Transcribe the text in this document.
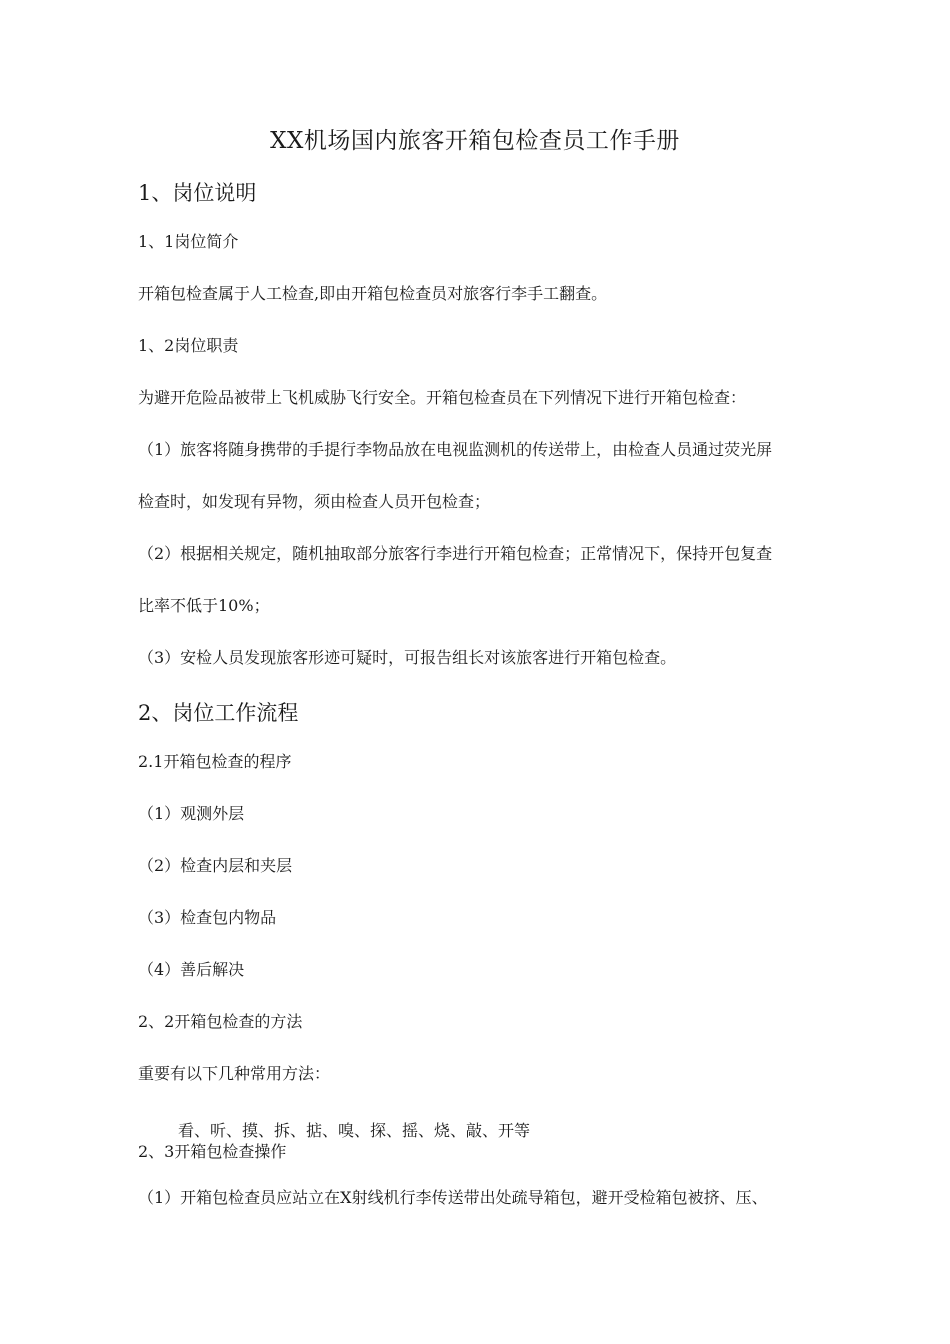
XX机场国内旅客开箱包检查员工作手册
1、岗位说明
1、1岗位简介
开箱包检查属于人工检查,即由开箱包检查员对旅客行李手工翻查。
1、2岗位职责
为避开危险品被带上飞机威胁飞行安全。开箱包检查员在下列情况下进行开箱包检查：
（1）旅客将随身携带的手提行李物品放在电视监测机的传送带上，由检查人员通过荧光屏
检查时，如发现有异物，须由检查人员开包检查；
（2）根据相关规定，随机抽取部分旅客行李进行开箱包检查；正常情况下，保持开包复查
比率不低于10%；
（3）安检人员发现旅客形迹可疑时，可报告组长对该旅客进行开箱包检查。
2、岗位工作流程
2.1开箱包检查的程序
（1）观测外层
（2）检查内层和夹层
（3）检查包内物品
（4）善后解决
2、2开箱包检查的方法
重要有以下几种常用方法：
看、听、摸、拆、掂、嗅、探、摇、烧、敲、开等
2、3开箱包检查操作
（1）开箱包检查员应站立在X射线机行李传送带出处疏导箱包，避开受检箱包被挤、压、
